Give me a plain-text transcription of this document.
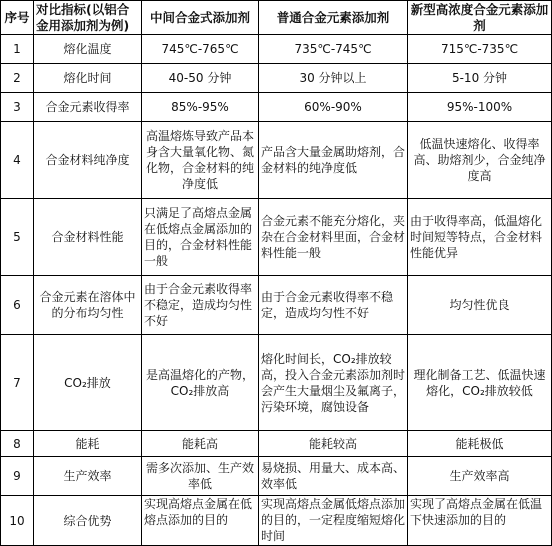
序号	对比指标(以铝合金用添加剂为例)	中间合金式添加剂	普通合金元素添加剂	新型高浓度合金元素添加剂
1	熔化温度	745℃-765℃	735℃-745℃	715℃-735℃
2	熔化时间	40-50 分钟	30 分钟以上	5-10 分钟
3	合金元素收得率	85%-95%	60%-90%	95%-100%
4	合金材料纯净度	高温熔炼导致产品本身含大量氧化物、氮化物，合金材料的纯净度低	产品含大量金属助熔剂，合金材料的纯净度低	低温快速熔化、收得率高、助熔剂少，合金纯净度高
5	合金材料性能	只满足了高熔点金属在低熔点金属添加的目的，合金材料性能一般	合金元素不能充分熔化，夹杂在合金材料里面，合金材料性能一般	由于收得率高，低温熔化时间短等特点，合金材料性能优异
6	合金元素在溶体中的分布均匀性	由于合金元素收得率不稳定，造成均匀性不好	由于合金元素收得率不稳定，造成均匀性不好	均匀性优良
7	CO₂排放	是高温熔化的产物，CO₂排放高	熔化时间长，CO₂排放较高，投入合金元素添加剂时会产生大量烟尘及氟离子，污染环境，腐蚀设备	理化制备工艺、低温快速熔化，CO₂排放较低
8	能耗	能耗高	能耗较高	能耗极低
9	生产效率	需多次添加、生产效率低	易烧损、用量大、成本高、效率低	生产效率高
10	综合优势	实现高熔点金属在低熔点添加的目的	实现高熔点金属低熔点添加的目的，一定程度缩短熔化时间	实现了高熔点金属在低温下快速添加的目的
